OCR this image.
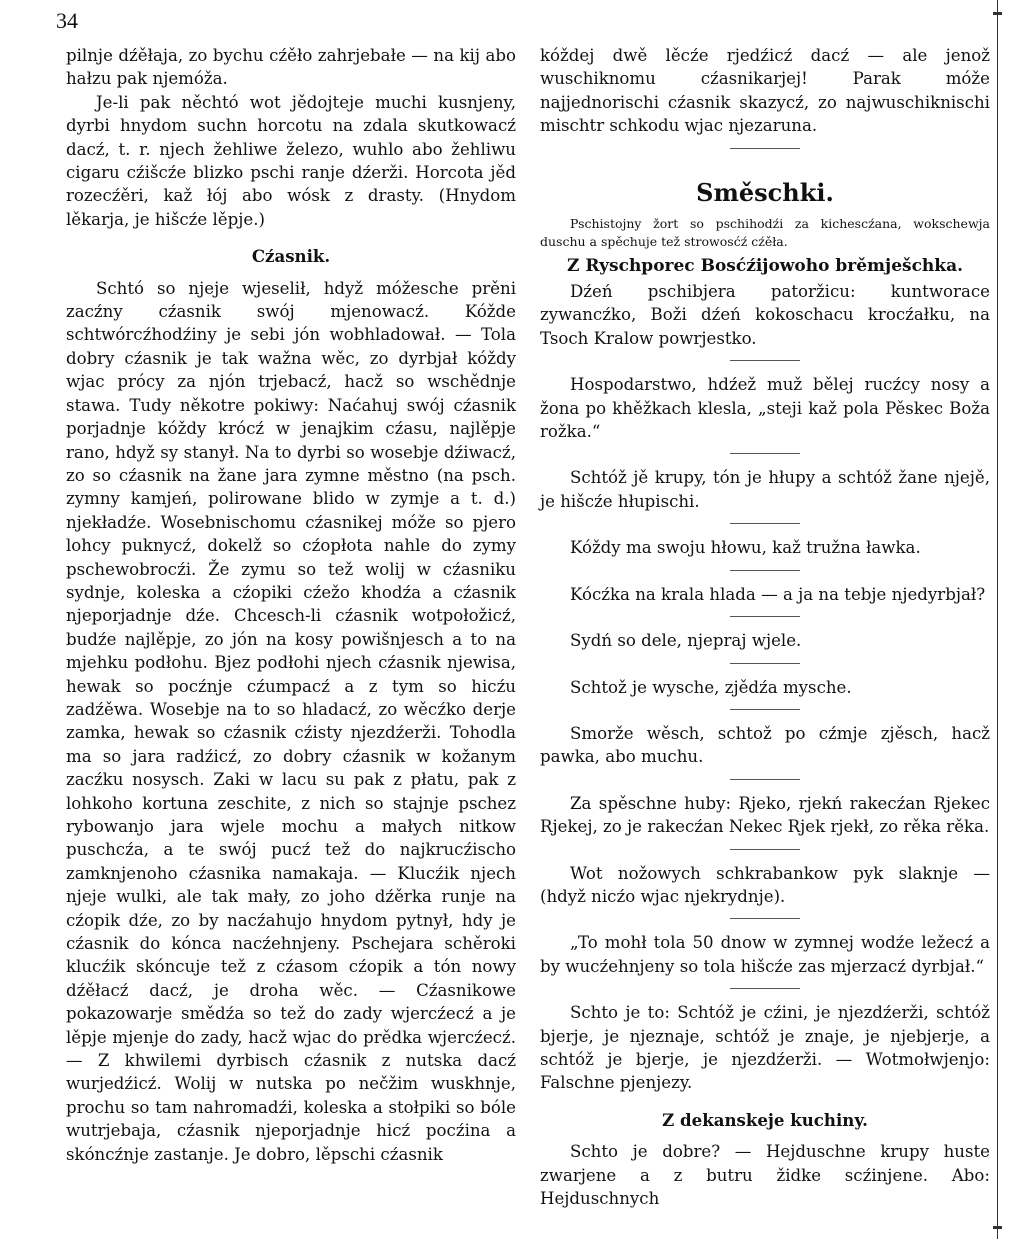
34

pilnje dźěłaja, zo bychu cźěło zahrjebałe — na kij abo hałzu pak njemóža.

Je-li pak něchtó wot jědojteje muchi kusnjeny, dyrbi hnydom suchn horcotu na zdala skutkowacź dacź, t. r. njech žehliwe železo, wuhlo abo žehliwu cigaru cźišcźe blizko pschi ranje dźerži. Horcota jěd rozecźěri, kaž łój abo wósk z drasty. (Hnydom lěkarja, je hišcźe lěpje.)

Cźasnik.

Schtó so njeje wjeselił, hdyž móžesche prěni zacźny cźasnik swój mjenowacź. Kóžde schtwórcźhodźiny je sebi jón wobhladował. — Tola dobry cźasnik je tak wažna wěc, zo dyrbjał kóždy wjac prócy za njón trjebacź, hacž so wschědnje stawa. Tudy někotre pokiwy: Naćahuj swój cźasnik porjadnje kóždy krócź w jenajkim cźasu, najlěpje rano, hdyž sy stanył. Na to dyrbi so wosebje dźiwacź, zo so cźasnik na žane jara zymne městno (na psch. zymny kamjeń, polirowane blido w zymje a t. d.) njekładźe. Wosebnischomu cźasnikej móže so pjero lohcy puknycź, dokelž so cźopłota nahle do zymy pschewobrocźi. Že zymu so tež wolij w cźasniku sydnje, koleska a cźopiki cźežo khodźa a cźasnik njeporjadnje dźe. Chcesch-li cźasnik wotpołožicź, budźe najlěpje, zo jón na kosy powišnjesch a to na mjehku podłohu. Bjez podłohi njech cźasnik njewisa, hewak so pocźnje cźumpacź a z tym so hicźu zadźěwa. Wosebje na to so hladacź, zo wěcźko derje zamka, hewak so cźasnik cźisty njezdźerži. Tohodla ma so jara radźicź, zo dobry cźasnik w kožanym zacźku nosysch. Zaki w lacu su pak z płatu, pak z lohkoho kortuna zeschite, z nich so stajnje pschez rybowanjo jara wjele mochu a małych nitkow puschcźa, a te swój pucź tež do najkrucźischo zamknjenoho cźasnika namakaja. — Klucźik njech njeje wulki, ale tak mały, zo joho dźěrka runje na cźopik dźe, zo by nacźahujo hnydom pytnył, hdy je cźasnik do kónca nacźehnjeny. Pschejara schěroki klucźik skóncuje tež z cźasom cźopik a tón nowy dźěłacź dacź, je droha wěc. — Cźasnikowe pokazowarje smědźa so tež do zady wjercźecź a je lěpje mjenje do zady, hacž wjac do prědka wjercźecź. — Z khwilemi dyrbisch cźasnik z nutska dacź wurjedźicź. Wolij w nutska po nečžim wuskhnje, prochu so tam nahromadźi, koleska a stołpiki so bóle wutrjebaja, cźasnik njeporjadnje hicź pocźina a skóncźnje zastanje. Je dobro, lěpschi cźasnik

kóždej dwě lěcźe rjedźicź dacź — ale jenož wuschiknomu cźasnikarjej! Parak móže najjednorischi cźasnik skazycź, zo najwuschiknischi mischtr schkodu wjac njezaruna.

Směschki.

Pschistojny žort so pschihodźi za kichescźana, wokschewja duschu a spěchuje tež strowosćź cźěła.

Z Ryschporec Bosćźijowoho brěmješchka.

Dźeń pschibjera patoržicu: kuntworace zywancźko, Boži dźeń kokoschacu krocźałku, na Tsoch Kralow powrjestko.

Hospodarstwo, hdźež muž bělej rucźcy nosy a žona po khěžkach klesla, „steji kaž pola Pěskec Boža rožka.“

Schtóž jě krupy, tón je hłupy a schtóž žane njejě, je hišcźe hłupischi.

Kóždy ma swoju hłowu, kaž tružna ławka.

Kócźka na krala hlada — a ja na tebje njedyrbjał?

Sydń so dele, njepraj wjele.

Schtož je wysche, zjědźa mysche.

Smorže wěsch, schtož po cźmje zjěsch, hacž pawka, abo muchu.

Za spěschne huby: Rjeko, rjekń rakecźan Rjekec Rjekej, zo je rakecźan Nekec Rjek rjekł, zo rěka rěka.

Wot nožowych schkrabankow pyk slaknje — (hdyž nicźo wjac njekrydnje).

„To mohł tola 50 dnow w zymnej wodźe ležecź a by wucźehnjeny so tola hišcźe zas mjerzacź dyrbjał.“

Schto je to: Schtóž je cźini, je njezdźerži, schtóž bjerje, je njeznaje, schtóž je znaje, je njebjerje, a schtóž je bjerje, je njezdźerži. — Wotmołwjenjo: Falschne pjenjezy.

Z dekanskeje kuchiny.

Schto je dobre? — Hejduschne krupy huste zwarjene a z butru židke scźinjene. Abo: Hejduschnych
